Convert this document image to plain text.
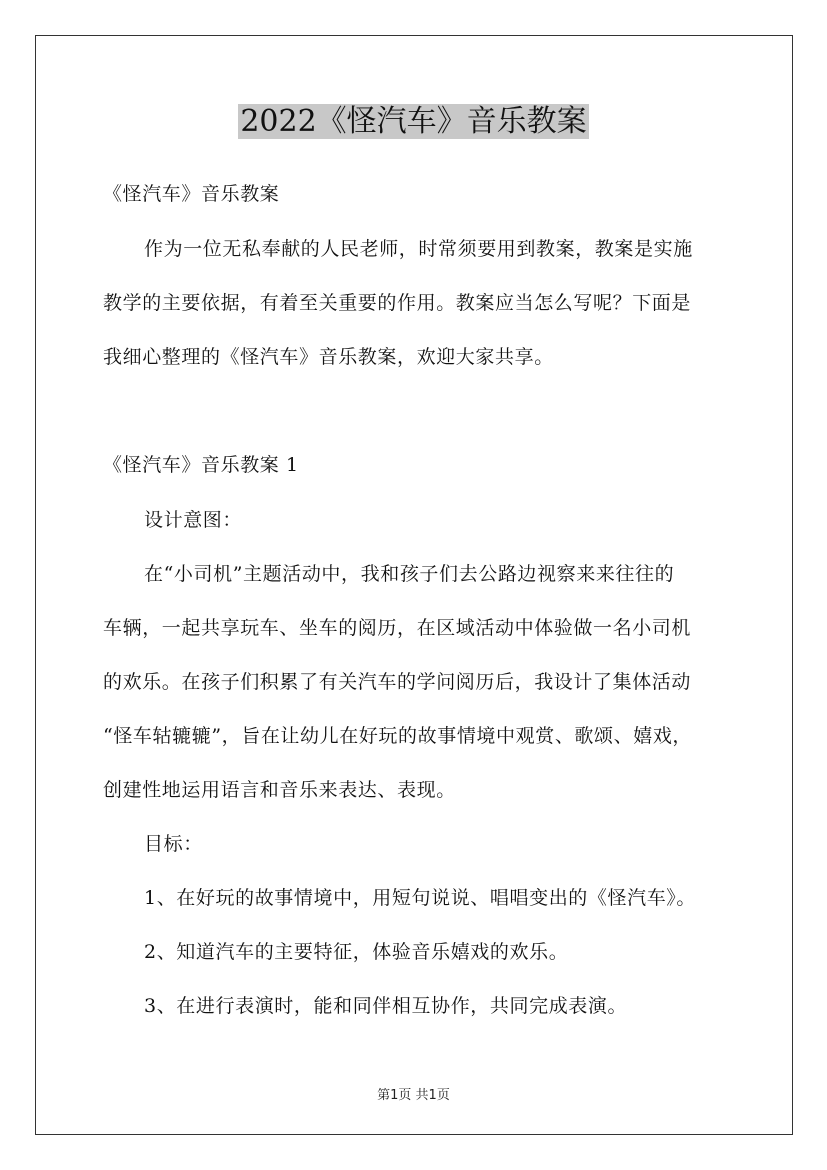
2022《怪汽车》音乐教案
《怪汽车》音乐教案
作为一位无私奉献的人民老师，时常须要用到教案，教案是实施
教学的主要依据，有着至关重要的作用。教案应当怎么写呢？下面是
我细心整理的《怪汽车》音乐教案，欢迎大家共享。
《怪汽车》音乐教案 1
设计意图：
在“小司机”主题活动中，我和孩子们去公路边视察来来往往的
车辆，一起共享玩车、坐车的阅历，在区域活动中体验做一名小司机
的欢乐。在孩子们积累了有关汽车的学问阅历后，我设计了集体活动
“怪车轱辘辘”，旨在让幼儿在好玩的故事情境中观赏、歌颂、嬉戏，
创建性地运用语言和音乐来表达、表现。
目标：
1、在好玩的故事情境中，用短句说说、唱唱变出的《怪汽车》。
2、知道汽车的主要特征，体验音乐嬉戏的欢乐。
3、在进行表演时，能和同伴相互协作，共同完成表演。
第1页 共1页
